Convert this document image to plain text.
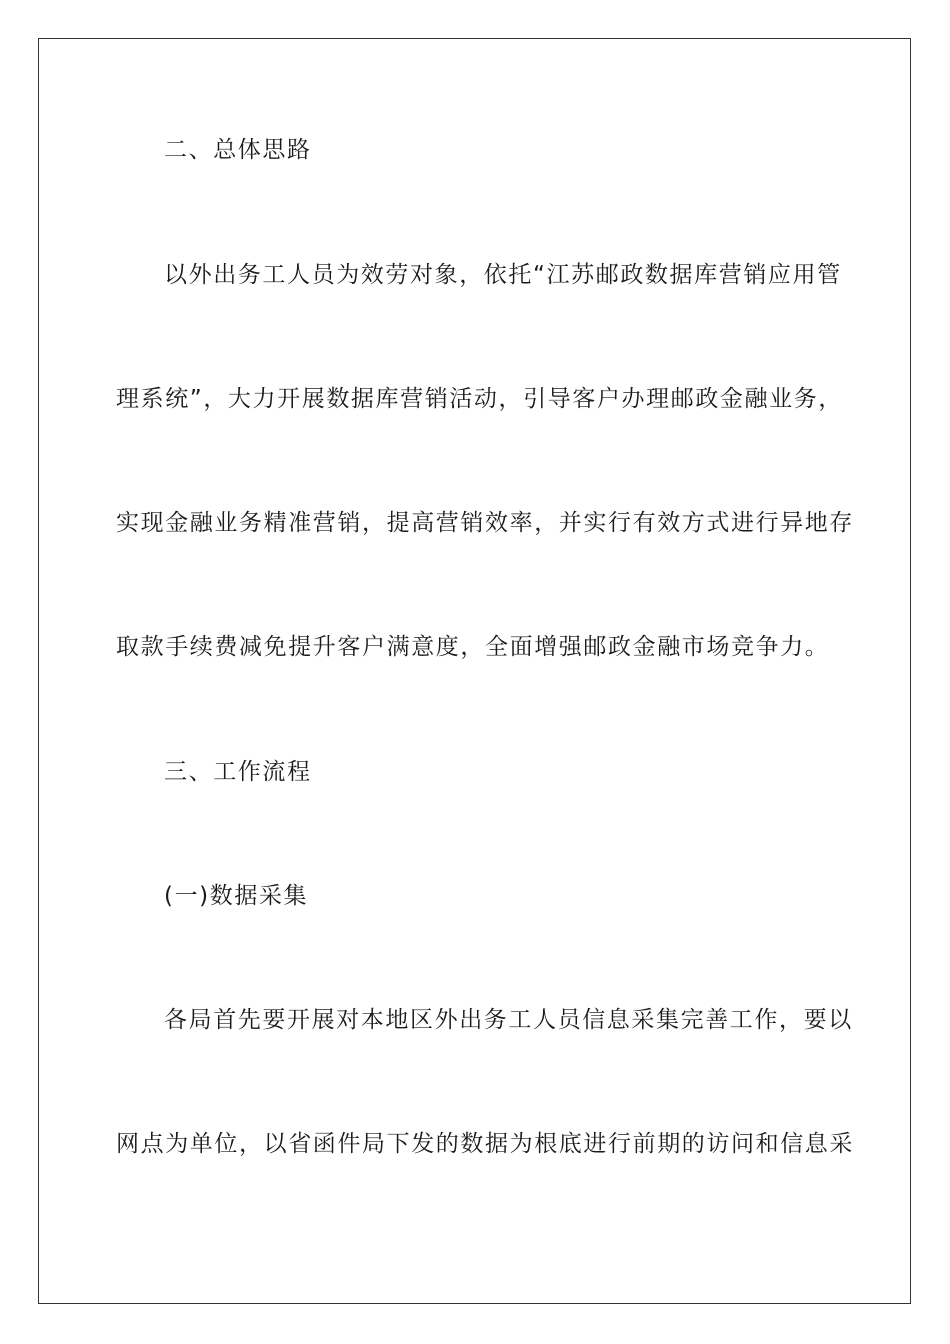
二、总体思路
以外出务工人员为效劳对象，依托“江苏邮政数据库营销应用管
理系统”，大力开展数据库营销活动，引导客户办理邮政金融业务，
实现金融业务精准营销，提高营销效率，并实行有效方式进行异地存
取款手续费减免提升客户满意度，全面增强邮政金融市场竞争力。
三、工作流程
(一)数据采集
各局首先要开展对本地区外出务工人员信息采集完善工作，要以
网点为单位，以省函件局下发的数据为根底进行前期的访问和信息采
